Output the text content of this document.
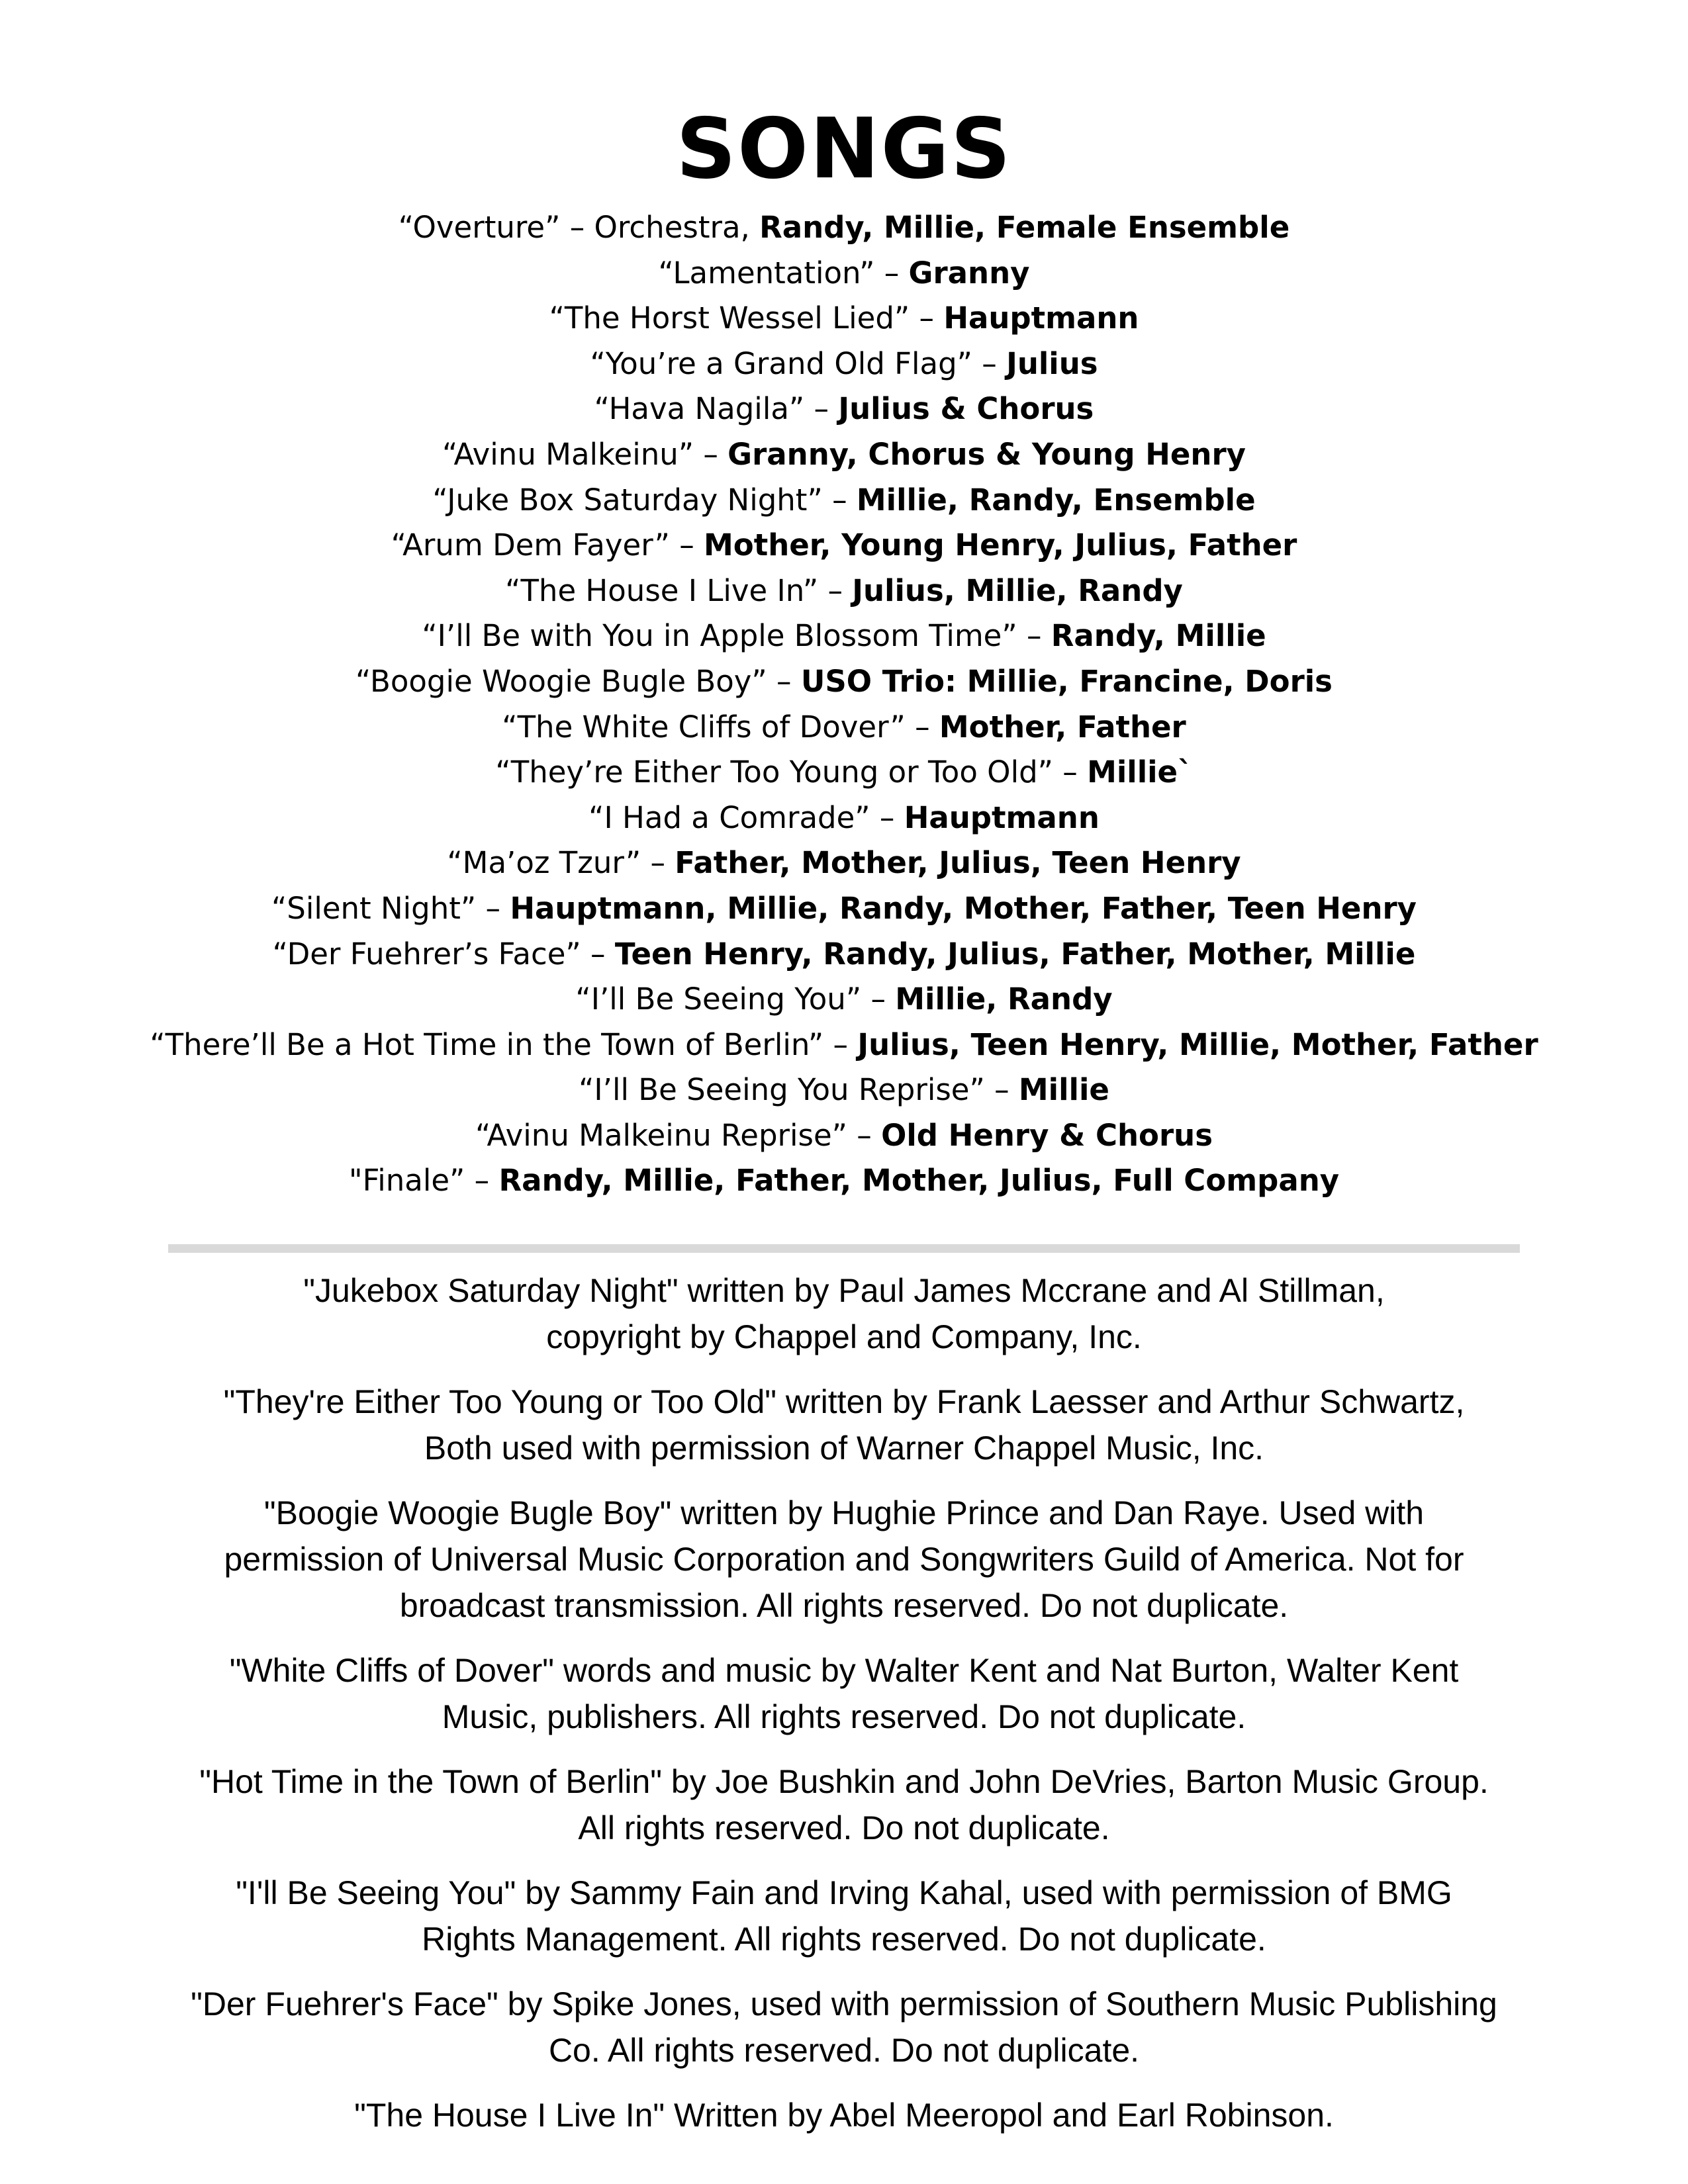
SONGS
“Overture” – Orchestra, Randy, Millie, Female Ensemble
“Lamentation” – Granny
“The Horst Wessel Lied” – Hauptmann
“You’re a Grand Old Flag” – Julius
“Hava Nagila” – Julius & Chorus
“Avinu Malkeinu” – Granny, Chorus & Young Henry
“Juke Box Saturday Night” – Millie, Randy, Ensemble
“Arum Dem Fayer” – Mother, Young Henry, Julius, Father
“The House I Live In” – Julius, Millie, Randy
“I’ll Be with You in Apple Blossom Time” – Randy, Millie
“Boogie Woogie Bugle Boy” – USO Trio: Millie, Francine, Doris
“The White Cliffs of Dover” – Mother, Father
“They’re Either Too Young or Too Old” – Millie`
“I Had a Comrade” – Hauptmann
“Ma’oz Tzur” – Father, Mother, Julius, Teen Henry
“Silent Night” – Hauptmann, Millie, Randy, Mother, Father, Teen Henry
“Der Fuehrer’s Face” – Teen Henry, Randy, Julius, Father, Mother, Millie
“I’ll Be Seeing You” – Millie, Randy
“There’ll Be a Hot Time in the Town of Berlin” – Julius, Teen Henry, Millie, Mother, Father
“I’ll Be Seeing You Reprise” – Millie
“Avinu Malkeinu Reprise” – Old Henry & Chorus
"Finale” – Randy, Millie, Father, Mother, Julius, Full Company
"Jukebox Saturday Night" written by Paul James Mccrane and Al Stillman,
copyright by Chappel and Company, Inc.
"They're Either Too Young or Too Old" written by Frank Laesser and Arthur Schwartz,
Both used with permission of Warner Chappel Music, Inc.
"Boogie Woogie Bugle Boy" written by Hughie Prince and Dan Raye. Used with
permission of Universal Music Corporation and Songwriters Guild of America. Not for
broadcast transmission. All rights reserved. Do not duplicate.
"White Cliffs of Dover" words and music by Walter Kent and Nat Burton, Walter Kent
Music, publishers. All rights reserved. Do not duplicate.
"Hot Time in the Town of Berlin" by Joe Bushkin and John DeVries, Barton Music Group.
All rights reserved. Do not duplicate.
"I'll Be Seeing You" by Sammy Fain and Irving Kahal, used with permission of BMG
Rights Management. All rights reserved. Do not duplicate.
"Der Fuehrer's Face" by Spike Jones, used with permission of Southern Music Publishing
Co. All rights reserved. Do not duplicate.
"The House I Live In" Written by Abel Meeropol and Earl Robinson.
